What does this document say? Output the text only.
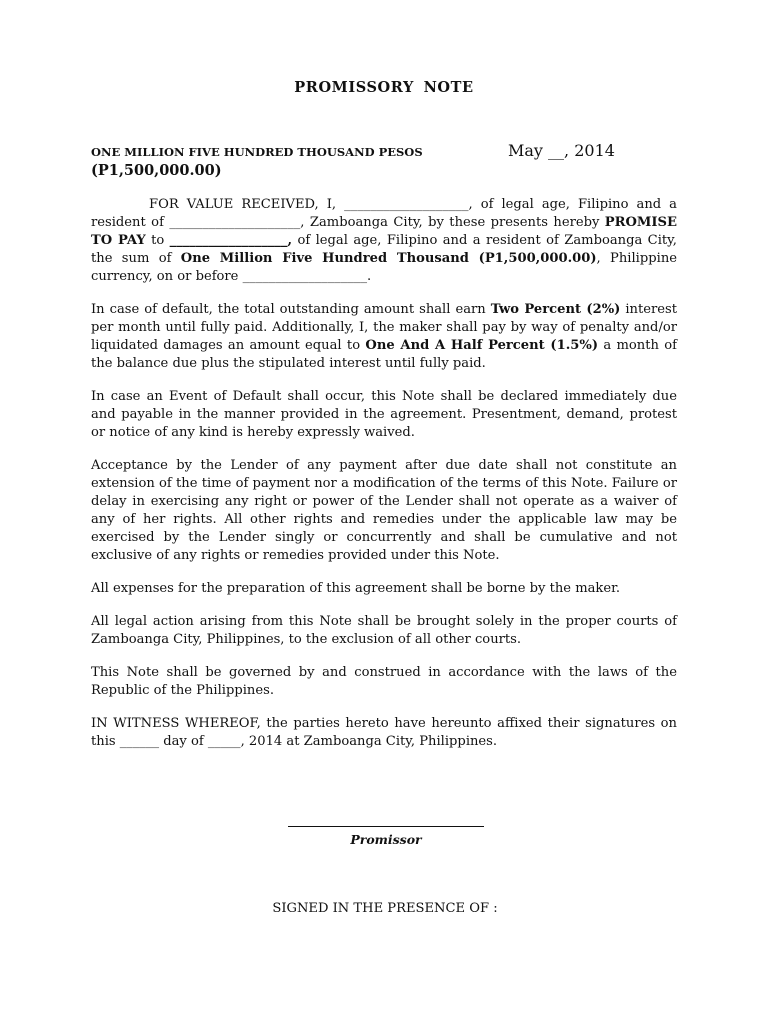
PROMISSORY NOTE
ONE MILLION FIVE HUNDRED THOUSAND PESOS	May __, 2014
(P1,500,000.00)

FOR VALUE RECEIVED, I, ___________________, of legal age, Filipino and a resident of ____________________, Zamboanga City, by these presents hereby PROMISE TO PAY to __________________, of legal age, Filipino and a resident of Zamboanga City, the sum of One Million Five Hundred Thousand (P1,500,000.00), Philippine currency, on or before ___________________.

In case of default, the total outstanding amount shall earn Two Percent (2%) interest per month until fully paid. Additionally, I, the maker shall pay by way of penalty and/or liquidated damages an amount equal to One And A Half Percent (1.5%) a month of the balance due plus the stipulated interest until fully paid.

In case an Event of Default shall occur, this Note shall be declared immediately due and payable in the manner provided in the agreement. Presentment, demand, protest or notice of any kind is hereby expressly waived.

Acceptance by the Lender of any payment after due date shall not constitute an extension of the time of payment nor a modification of the terms of this Note. Failure or delay in exercising any right or power of the Lender shall not operate as a waiver of any of her rights. All other rights and remedies under the applicable law may be exercised by the Lender singly or concurrently and shall be cumulative and not exclusive of any rights or remedies provided under this Note.

All expenses for the preparation of this agreement shall be borne by the maker.

All legal action arising from this Note shall be brought solely in the proper courts of Zamboanga City, Philippines, to the exclusion of all other courts.

This Note shall be governed by and construed in accordance with the laws of the Republic of the Philippines.

IN WITNESS WHEREOF, the parties hereto have hereunto affixed their signatures on this ______ day of _____, 2014 at Zamboanga City, Philippines.

Promissor
SIGNED IN THE PRESENCE OF :
